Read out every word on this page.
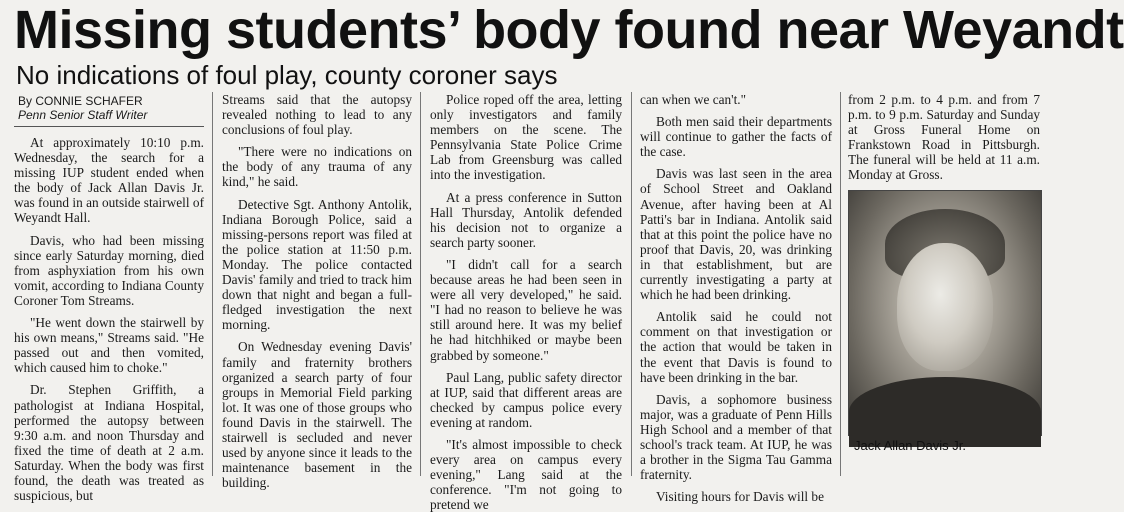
Missing students’ body found near Weyandt
No indications of foul play, county coroner says
By CONNIE SCHAFER
Penn Senior Staff Writer

At approximately 10:10 p.m. Wednesday, the search for a missing IUP student ended when the body of Jack Allan Davis Jr. was found in an outside stairwell of Weyandt Hall.

Davis, who had been missing since early Saturday morning, died from asphyxiation from his own vomit, according to Indiana County Coroner Tom Streams.

"He went down the stairwell by his own means," Streams said. "He passed out and then vomited, which caused him to choke."

Dr. Stephen Griffith, a pathologist at Indiana Hospital, performed the autopsy between 9:30 a.m. and noon Thursday and fixed the time of death at 2 a.m. Saturday. When the body was first found, the death was treated as suspicious, but

Streams said that the autopsy revealed nothing to lead to any conclusions of foul play.

"There were no indications on the body of any trauma of any kind," he said.

Detective Sgt. Anthony Antolik, Indiana Borough Police, said a missing-persons report was filed at the police station at 11:50 p.m. Monday. The police contacted Davis' family and tried to track him down that night and began a full-fledged investigation the next morning.

On Wednesday evening Davis' family and fraternity brothers organized a search party of four groups in Memorial Field parking lot. It was one of those groups who found Davis in the stairwell. The stairwell is secluded and never used by anyone since it leads to the maintenance basement in the building.

Police roped off the area, letting only investigators and family members on the scene. The Pennsylvania State Police Crime Lab from Greensburg was called into the investigation.

At a press conference in Sutton Hall Thursday, Antolik defended his decision not to organize a search party sooner.

"I didn't call for a search because areas he had been seen in were all very developed," he said. "I had no reason to believe he was still around here. It was my belief he had hitchhiked or maybe been grabbed by someone."

Paul Lang, public safety director at IUP, said that different areas are checked by campus police every evening at random.

"It's almost impossible to check every area on campus every evening," Lang said at the conference. "I'm not going to pretend we

can when we can't."

Both men said their departments will continue to gather the facts of the case.

Davis was last seen in the area of School Street and Oakland Avenue, after having been at Al Patti's bar in Indiana. Antolik said that at this point the police have no proof that Davis, 20, was drinking in that establishment, but are currently investigating a party at which he had been drinking.

Antolik said he could not comment on that investigation or the action that would be taken in the event that Davis is found to have been drinking in the bar.

Davis, a sophomore business major, was a graduate of Penn Hills High School and a member of that school's track team. At IUP, he was a brother in the Sigma Tau Gamma fraternity.

Visiting hours for Davis will be

from 2 p.m. to 4 p.m. and from 7 p.m. to 9 p.m. Saturday and Sunday at Gross Funeral Home on Frankstown Road in Pittsburgh. The funeral will be held at 11 a.m. Monday at Gross.

Jack Allan Davis Jr.
